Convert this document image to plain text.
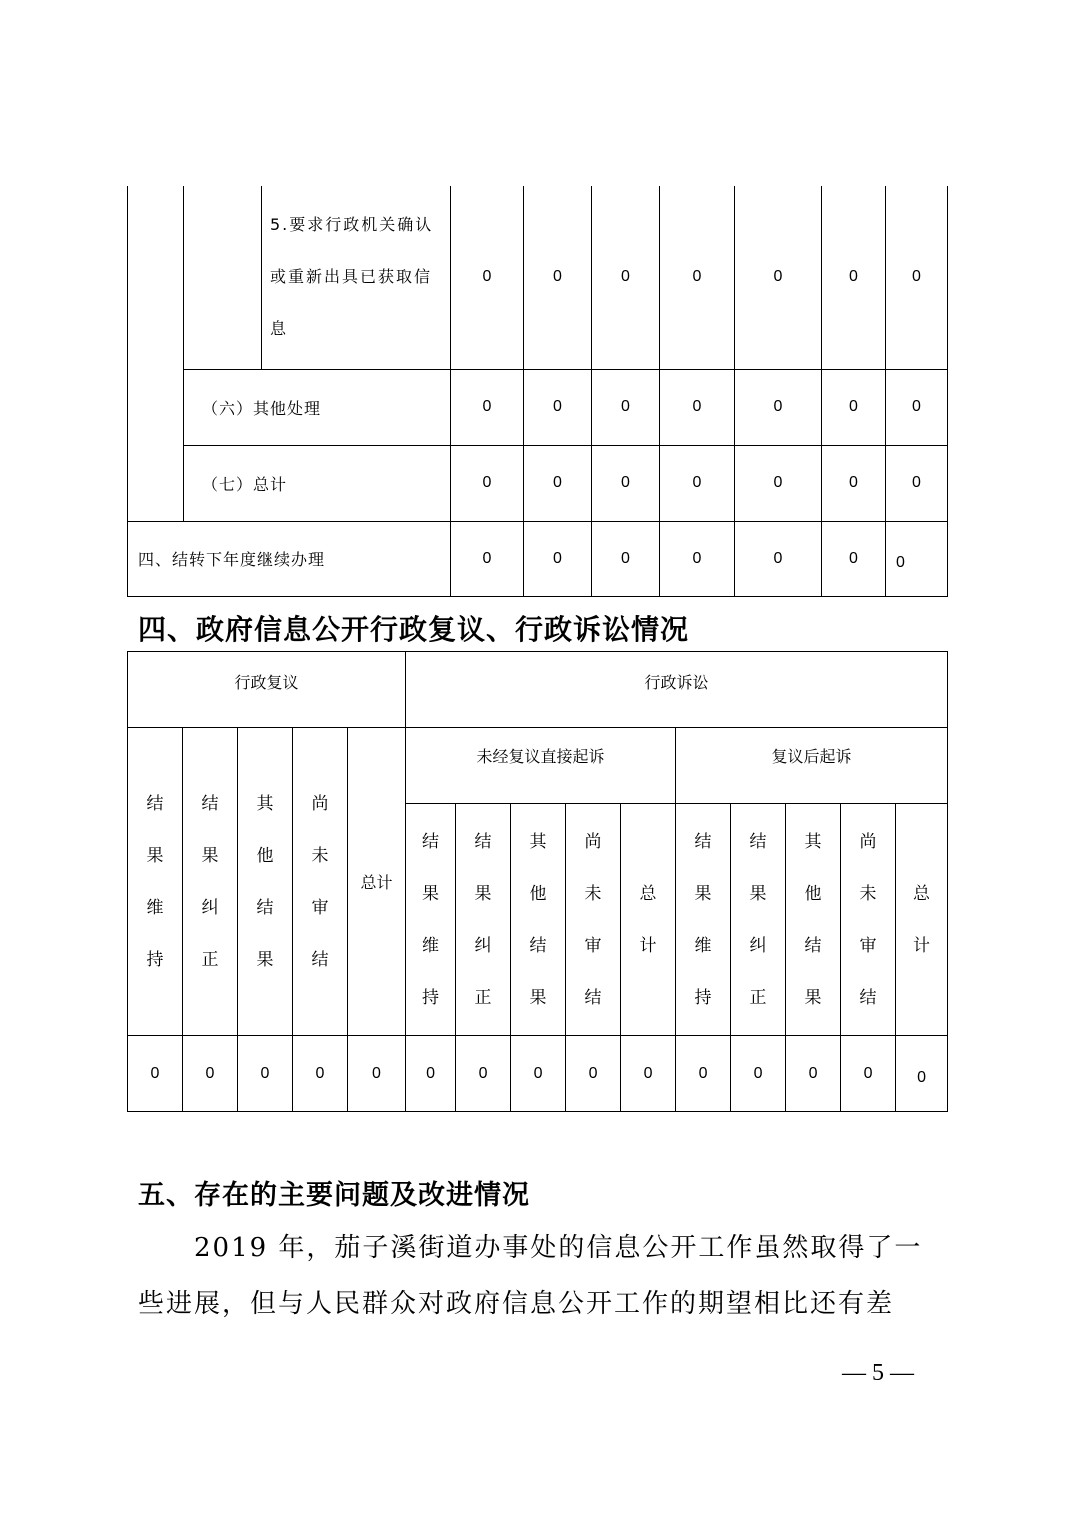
		5.要求行政机关确认或重新出具已获取信息	0	0	0	0	0	0	0
	（六）其他处理		0	0	0	0	0	0	0
	（七）总计		0	0	0	0	0	0	0
四、结转下年度继续办理			0	0	0	0	0	0	0
四、政府信息公开行政复议、行政诉讼情况
行政复议					行政诉讼									

结果维持	结果纠正	其他结果	尚未审结	总计	未经复议直接起诉					复议后起诉				

					结果维持	结果纠正	其他结果	尚未审结	总计	结果维持	结果纠正	其他结果	尚未审结	总计

0	0	0	0	0	0	0	0	0	0	0	0	0	0	0
五、存在的主要问题及改进情况

2019 年，茄子溪街道办事处的信息公开工作虽然取得了一些进展，但与人民群众对政府信息公开工作的期望相比还有差

— 5 —
